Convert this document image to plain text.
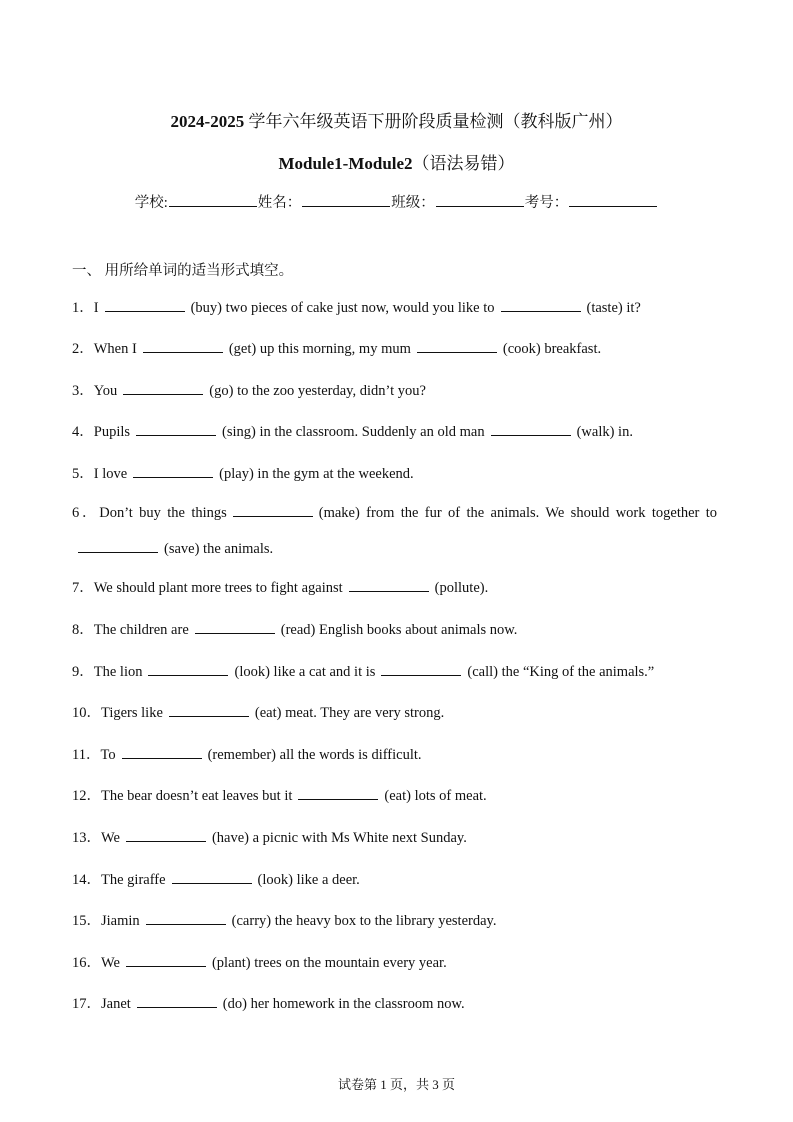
2024-2025 学年六年级英语下册阶段质量检测（教科版广州）
Module1-Module2（语法易错）
学校:	姓名：	班级：	考号：
一、 用所给单词的适当形式填空。
1．I	(buy) two pieces of cake just now, would you like to	(taste) it?
2．When I	(get) up this morning, my mum	(cook) breakfast.
3．You	(go) to the zoo yesterday, didn’t you?
4．Pupils	(sing) in the classroom. Suddenly an old man	(walk) in.
5．I love	(play) in the gym at the weekend.
6．Don’t buy the things	(make) from the fur of the animals. We should work together to(save) the animals.
7．We should plant more trees to fight against	(pollute).
8．The children are	(read) English books about animals now.
9．The lion	(look) like a cat and it is	(call) the “King of the animals.”
10．Tigers like	(eat) meat. They are very strong.
11．To	(remember) all the words is difficult.
12．The bear doesn’t eat leaves but it	(eat) lots of meat.
13．We	(have) a picnic with Ms White next Sunday.
14．The giraffe	(look) like a deer.
15．Jiamin	(carry) the heavy box to the library yesterday.
16．We	(plant) trees on the mountain every year.
17．Janet	(do) her homework in the classroom now.
试卷第 1 页，共 3 页
